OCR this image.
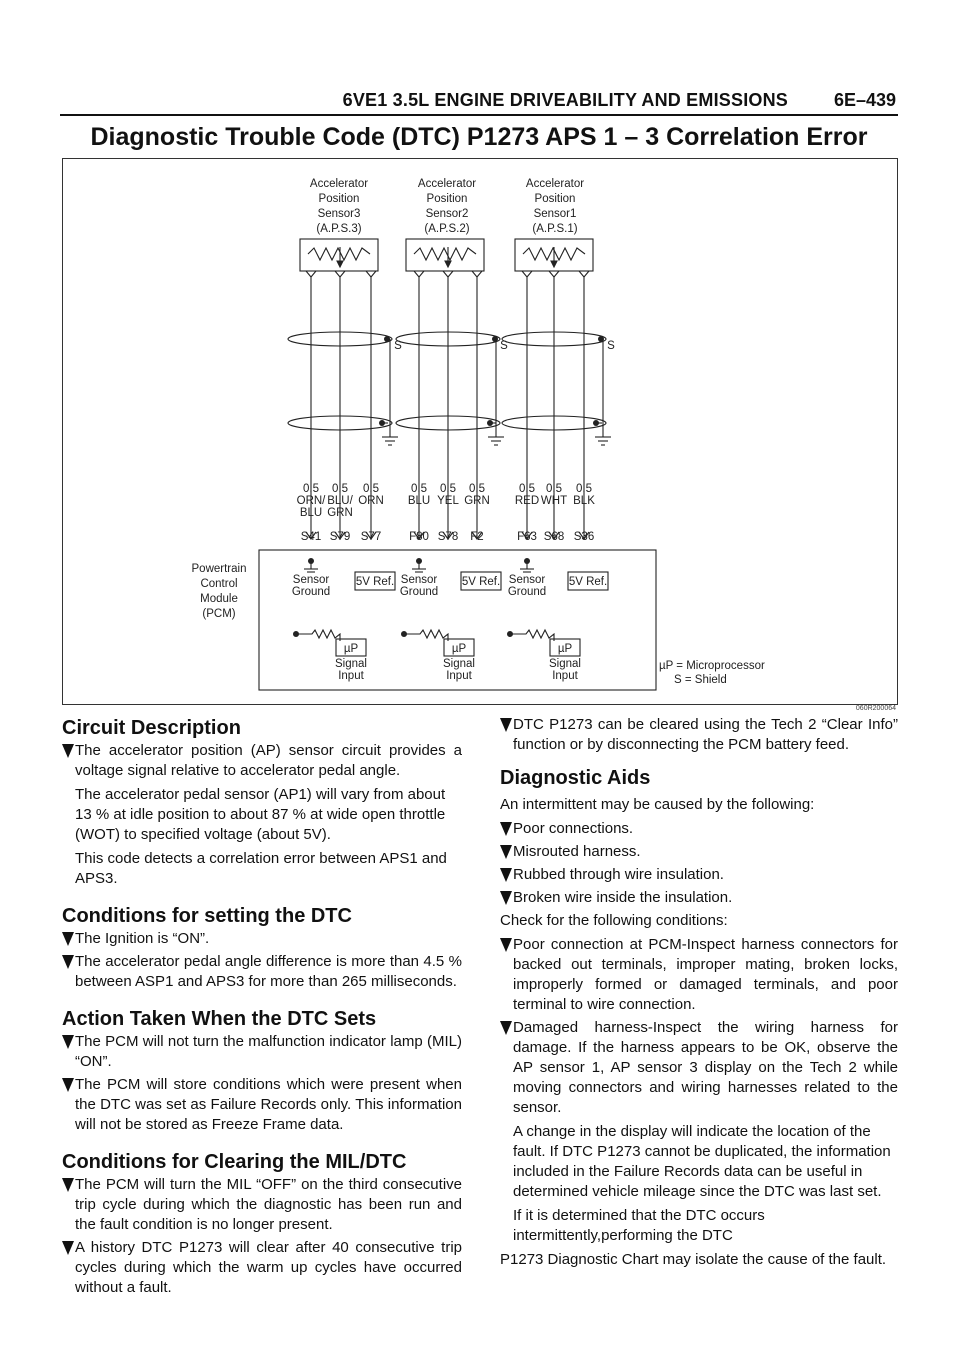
6VE1 3.5L ENGINE DRIVEABILITY AND EMISSIONS	6E–439
Diagnostic Trouble Code (DTC) P1273 APS 1 – 3 Correlation Error
Accelerator
Position
Sensor3
(A.P.S.3)
S
0.5
ORN/
BLU
S41
0.5
BLU/
GRN
S79
0.5
ORN
S77
Sensor
Ground
5V Ref.
µP
Signal
Input
Accelerator
Position
Sensor2
(A.P.S.2)
S
0.5
BLU
F80
0.5
YEL
S78
0.5
GRN
F2
Sensor
Ground
5V Ref.
µP
Signal
Input
Accelerator
Position
Sensor1
(A.P.S.1)
S
0.5
RED
F63
0.5
WHT
S68
0.5
BLK
S36
Sensor
Ground
5V Ref.
µP
Signal
Input
Powertrain
Control
Module
(PCM)
µP = Microprocessor
S = Shield
060R200064
Circuit Description
The accelerator position (AP) sensor circuit provides a voltage signal relative to accelerator pedal angle.
The accelerator pedal sensor (AP1) will vary from about 13 % at idle position to about 87 % at wide open throttle (WOT) to specified voltage (about 5V).
This code detects a correlation error between APS1 and APS3.
Conditions for setting the DTC
The Ignition is “ON”.
The accelerator pedal angle difference is more than 4.5 % between ASP1 and APS3 for more than 265 milliseconds.
Action Taken When the DTC Sets
The PCM will not turn the malfunction indicator lamp (MIL) “ON”.
The PCM will store conditions which were present when the DTC was set as Failure Records only. This information will not be stored as Freeze Frame data.
Conditions for Clearing the MIL/DTC
The PCM will turn the MIL “OFF” on the third consecutive trip cycle during which the diagnostic has been run and the fault condition is no longer present.
A history DTC P1273 will clear after 40 consecutive trip cycles during which the warm up cycles have occurred without a fault.
DTC P1273 can be cleared using the Tech 2 “Clear Info” function or by disconnecting the PCM battery feed.
Diagnostic Aids
An intermittent may be caused by the following:
Poor connections.
Misrouted harness.
Rubbed through wire insulation.
Broken wire inside the insulation.
Check for the following conditions:
Poor connection at PCM-Inspect harness connectors for backed out terminals, improper mating, broken locks, improperly formed or damaged terminals, and poor terminal to wire connection.
Damaged harness-Inspect the wiring harness for damage. If the harness appears to be OK, observe the AP sensor 1, AP sensor 3 display on the Tech 2 while moving connectors and wiring harnesses related to the sensor.
A change in the display will indicate the location of the fault. If DTC P1273 cannot be duplicated, the information included in the Failure Records data can be useful in determined vehicle mileage since the DTC was last set.
If it is determined that the DTC occurs intermittently,performing the DTC
P1273 Diagnostic Chart may isolate the cause of the fault.
